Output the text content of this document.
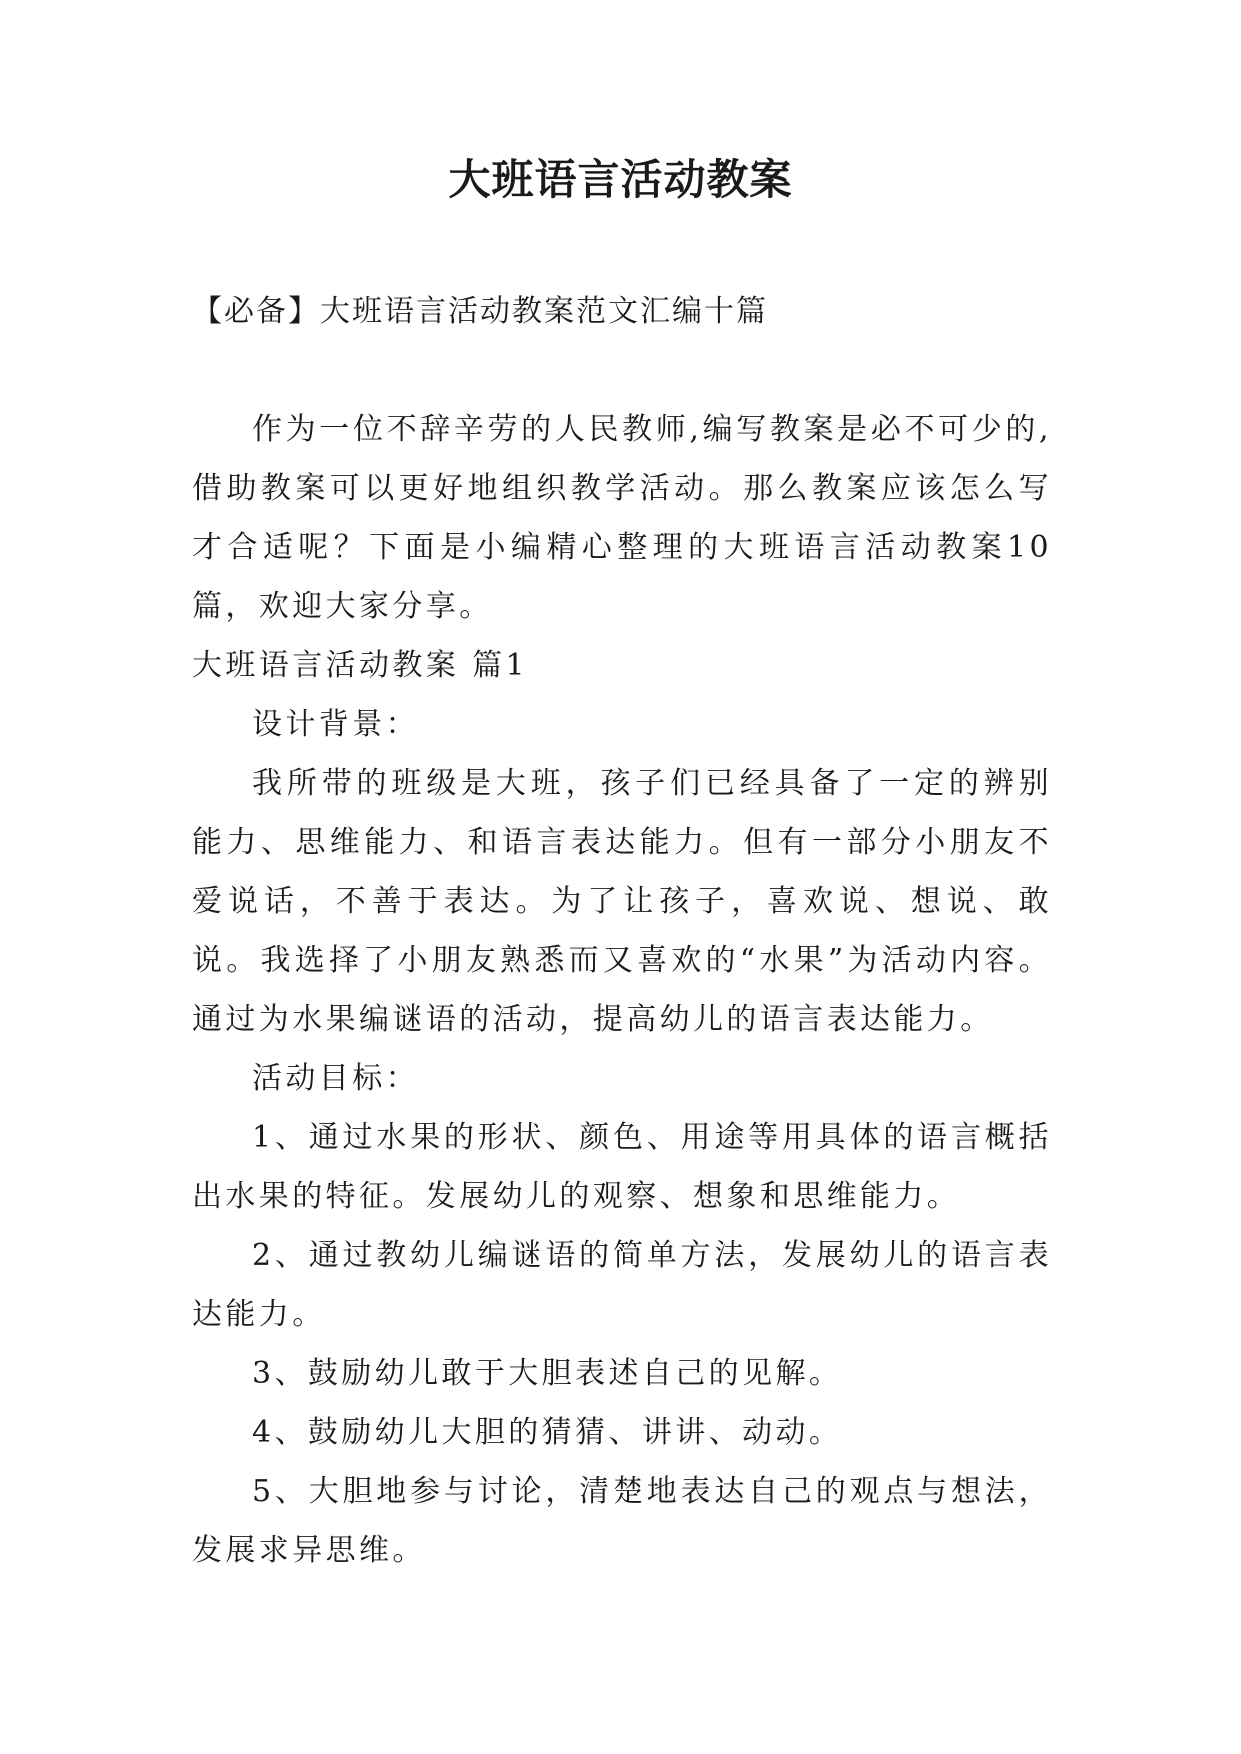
大班语言活动教案
【必备】大班语言活动教案范文汇编十篇

作为一位不辞辛劳的人民教师,编写教案是必不可少的,借助教案可以更好地组织教学活动。那么教案应该怎么写才合适呢？下面是小编精心整理的大班语言活动教案10篇，欢迎大家分享。

大班语言活动教案 篇1

设计背景：

我所带的班级是大班，孩子们已经具备了一定的辨别能力、思维能力、和语言表达能力。但有一部分小朋友不爱说话，不善于表达。为了让孩子，喜欢说、想说、敢说。我选择了小朋友熟悉而又喜欢的“水果”为活动内容。通过为水果编谜语的活动，提高幼儿的语言表达能力。

活动目标：

1、通过水果的形状、颜色、用途等用具体的语言概括出水果的特征。发展幼儿的观察、想象和思维能力。

2、通过教幼儿编谜语的简单方法，发展幼儿的语言表达能力。

3、鼓励幼儿敢于大胆表述自己的见解。

4、鼓励幼儿大胆的猜猜、讲讲、动动。

5、大胆地参与讨论，清楚地表达自己的观点与想法，发展求异思维。
